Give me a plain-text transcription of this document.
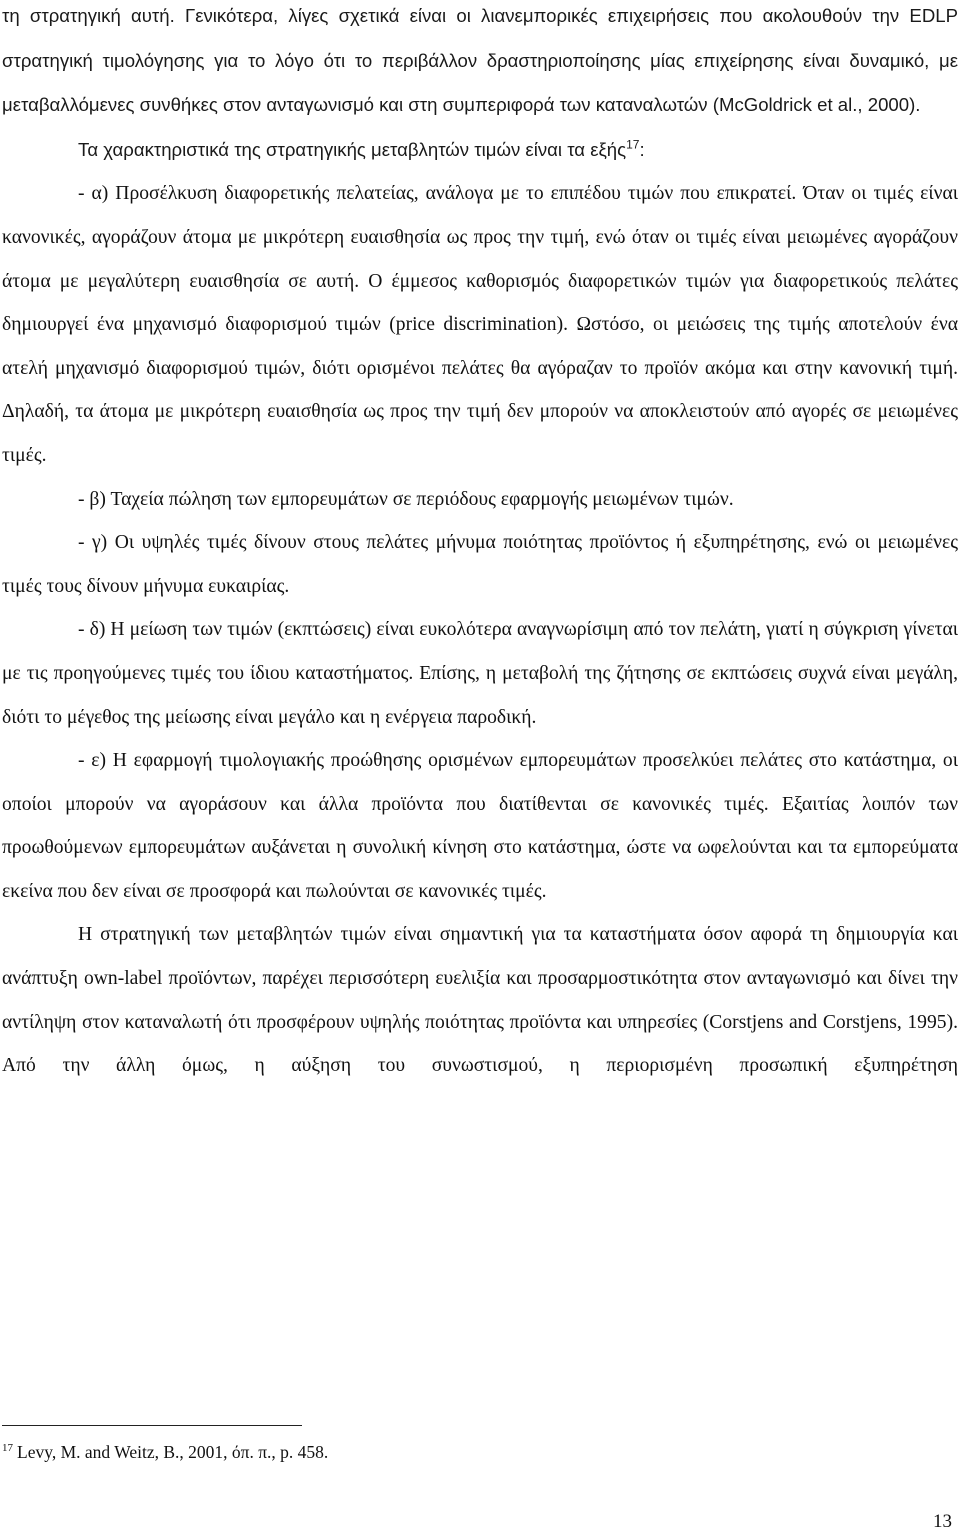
τη στρατηγική αυτή. Γενικότερα, λίγες σχετικά είναι οι λιανεμπορικές επιχειρήσεις που ακολουθούν την EDLP στρατηγική τιμολόγησης για το λόγο ότι το περιβάλλον δραστηριοποίησης μίας επιχείρησης είναι δυναμικό, με μεταβαλλόμενες συνθήκες στον ανταγωνισμό και στη συμπεριφορά των καταναλωτών (McGoldrick et al., 2000).

Τα χαρακτηριστικά της στρατηγικής μεταβλητών τιμών είναι τα εξής$^{17}$:

- α) Προσέλκυση διαφορετικής πελατείας, ανάλογα με το επιπέδου τιμών που επικρατεί. Όταν οι τιμές είναι κανονικές, αγοράζουν άτομα με μικρότερη ευαισθησία ως προς την τιμή, ενώ όταν οι τιμές είναι μειωμένες αγοράζουν άτομα με μεγαλύτερη ευαισθησία σε αυτή. Ο έμμεσος καθορισμός διαφορετικών τιμών για διαφορετικούς πελάτες δημιουργεί ένα μηχανισμό διαφορισμού τιμών (price discrimination). Ωστόσο, οι μειώσεις της τιμής αποτελούν ένα ατελή μηχανισμό διαφορισμού τιμών, διότι ορισμένοι πελάτες θα αγόραζαν το προϊόν ακόμα και στην κανονική τιμή. Δηλαδή, τα άτομα με μικρότερη ευαισθησία ως προς την τιμή δεν μπορούν να αποκλειστούν από αγορές σε μειωμένες τιμές.

- β) Ταχεία πώληση των εμπορευμάτων σε περιόδους εφαρμογής μειωμένων τιμών.

- γ) Οι υψηλές τιμές δίνουν στους πελάτες μήνυμα ποιότητας προϊόντος ή εξυπηρέτησης, ενώ οι μειωμένες τιμές τους δίνουν μήνυμα ευκαιρίας.

- δ) Η μείωση των τιμών (εκπτώσεις) είναι ευκολότερα αναγνωρίσιμη από τον πελάτη, γιατί η σύγκριση γίνεται με τις προηγούμενες τιμές του ίδιου καταστήματος. Επίσης, η μεταβολή της ζήτησης σε εκπτώσεις συχνά είναι μεγάλη, διότι το μέγεθος της μείωσης είναι μεγάλο και η ενέργεια παροδική.

- ε) Η εφαρμογή τιμολογιακής προώθησης ορισμένων εμπορευμάτων προσελκύει πελάτες στο κατάστημα, οι οποίοι μπορούν να αγοράσουν και άλλα προϊόντα που διατίθενται σε κανονικές τιμές. Εξαιτίας λοιπόν των προωθούμενων εμπορευμάτων αυξάνεται η συνολική κίνηση στο κατάστημα, ώστε να ωφελούνται και τα εμπορεύματα εκείνα που δεν είναι σε προσφορά και πωλούνται σε κανονικές τιμές.

Η στρατηγική των μεταβλητών τιμών είναι σημαντική για τα καταστήματα όσον αφορά τη δημιουργία και ανάπτυξη own-label προϊόντων, παρέχει περισσότερη ευελιξία και προσαρμοστικότητα στον ανταγωνισμό και δίνει την αντίληψη στον καταναλωτή ότι προσφέρουν υψηλής ποιότητας προϊόντα και υπηρεσίες (Corstjens and Corstjens, 1995). Από την άλλη όμως, η αύξηση του συνωστισμού, η περιορισμένη προσωπική εξυπηρέτηση

$^{17}$ Levy, M. and Weitz, B., 2001, όπ. π., p. 458.
13
